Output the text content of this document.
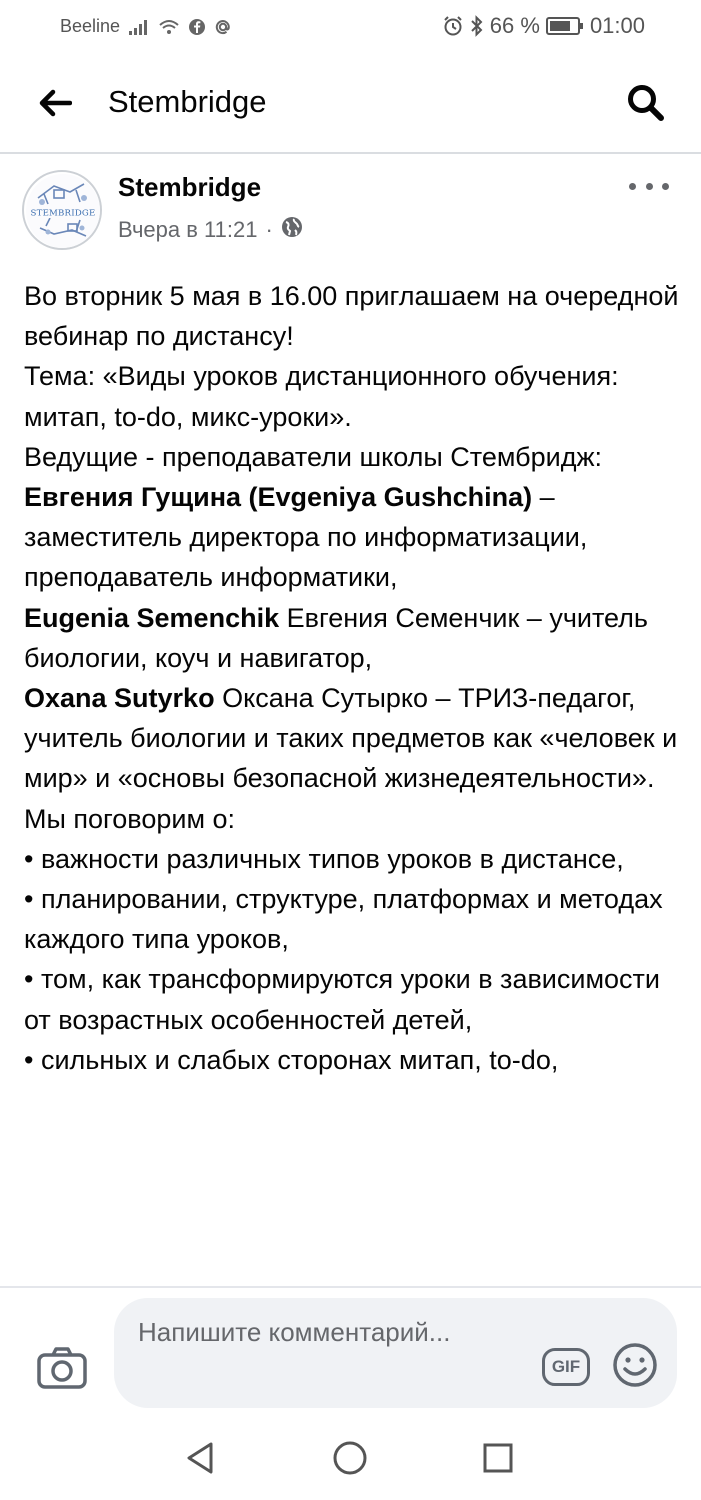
Beeline	66 % 01:00
Stembridge
STEMBRIDGE
Stembridge
Вчера в 11:21 ·

Во вторник 5 мая в 16.00 приглашаем на очередной вебинар по дистансу!

Тема: «Виды уроков дистанционного обучения: митап, to-do, микс-уроки».

Ведущие - преподаватели школы Стембридж:

Евгения Гущина (Evgeniya Gushchina) – заместитель директора по информатизации, преподаватель информатики,

Eugenia Semenchik Евгения Семенчик – учитель биологии, коуч и навигатор,

Oxana Sutyrko Оксана Сутырко – ТРИЗ-педагог, учитель биологии и таких предметов как «человек и мир» и «основы безопасной жизнедеятельности».

Мы поговорим о:

• важности различных типов уроков в дистансе,

• планировании, структуре, платформах и методах каждого типа уроков,

• том, как трансформируются уроки в зависимости от возрастных особенностей детей,

• сильных и слабых сторонах митап, to-do,

Напишите комментарий...
GIF
